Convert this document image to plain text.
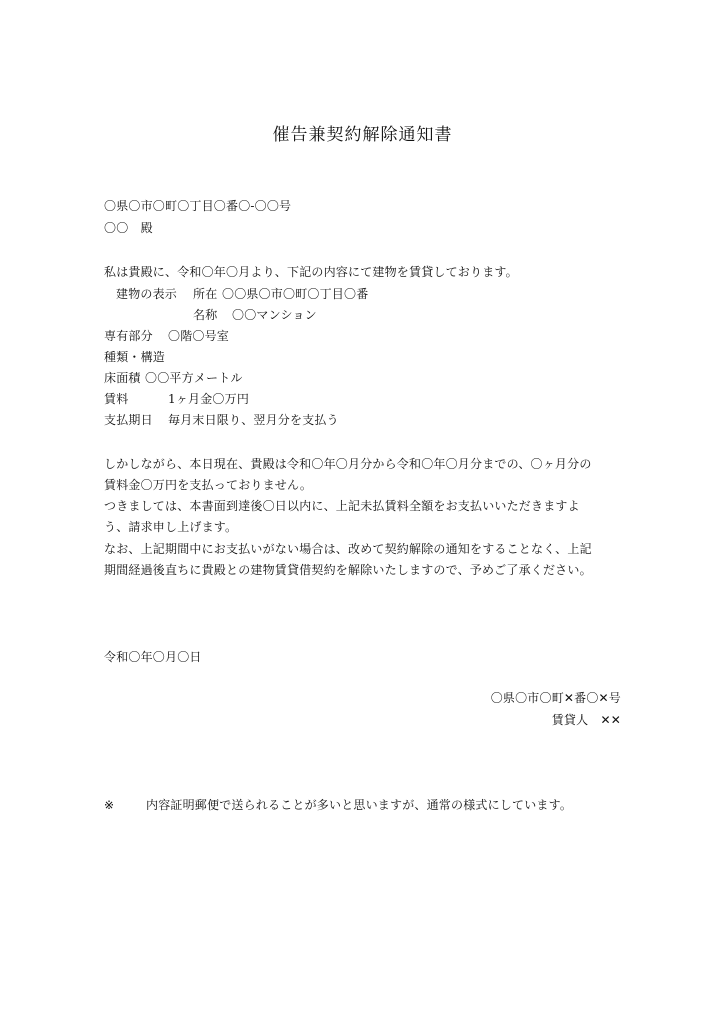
催告兼契約解除通知書
〇県〇市〇町〇丁目〇番〇-〇〇号
〇〇　殿
私は貴殿に、令和〇年〇月より、下記の内容にて建物を賃貸しております。
建物の表示 所在 〇〇県〇市〇町〇丁目〇番
名称 〇〇マンション
専有部分 〇階〇号室
種類・構造
床面積 〇〇平方メートル
賃料	1ヶ月金〇万円
支払期日 毎月末日限り、翌月分を支払う
しかしながら、本日現在、貴殿は令和〇年〇月分から令和〇年〇月分までの、〇ヶ月分の
賃料金〇万円を支払っておりません。
つきましては、本書面到達後〇日以内に、上記未払賃料全額をお支払いいただきますよ
う、請求申し上げます。
なお、上記期間中にお支払いがない場合は、改めて契約解除の通知をすることなく、上記
期間経過後直ちに貴殿との建物賃貸借契約を解除いたしますので、予めご了承ください。
令和〇年〇月〇日
〇県〇市〇町✕番〇✕号
賃貸人　✕✕
※	内容証明郵便で送られることが多いと思いますが、通常の様式にしています。
